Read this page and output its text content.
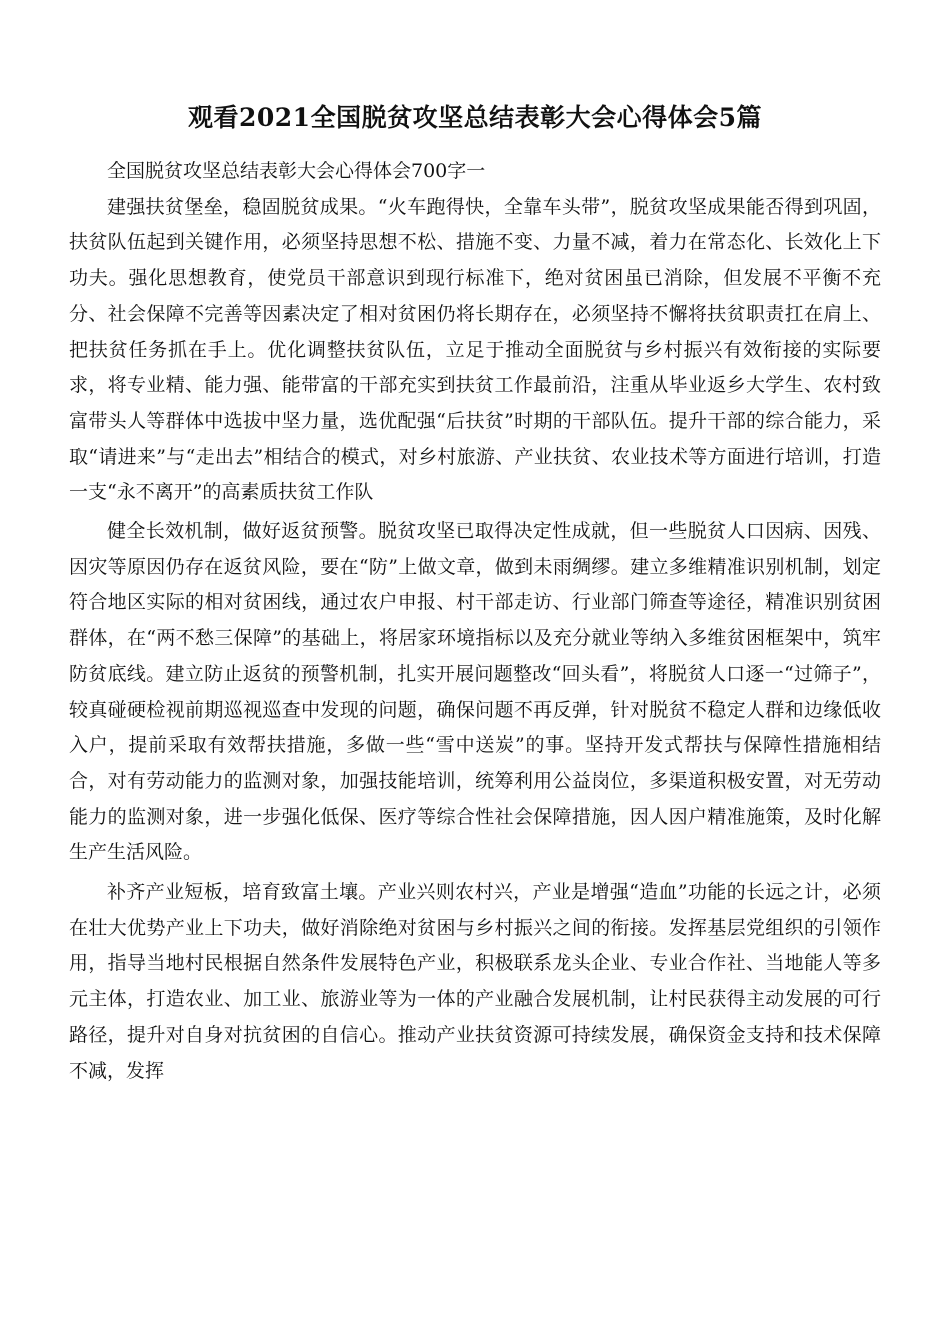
观看2021全国脱贫攻坚总结表彰大会心得体会5篇

全国脱贫攻坚总结表彰大会心得体会700字一

建强扶贫堡垒，稳固脱贫成果。“火车跑得快，全靠车头带”，脱贫攻坚成果能否得到巩固，扶贫队伍起到关键作用，必须坚持思想不松、措施不变、力量不减，着力在常态化、长效化上下功夫。强化思想教育，使党员干部意识到现行标准下，绝对贫困虽已消除，但发展不平衡不充分、社会保障不完善等因素决定了相对贫困仍将长期存在，必须坚持不懈将扶贫职责扛在肩上、把扶贫任务抓在手上。优化调整扶贫队伍，立足于推动全面脱贫与乡村振兴有效衔接的实际要求，将专业精、能力强、能带富的干部充实到扶贫工作最前沿，注重从毕业返乡大学生、农村致富带头人等群体中选拔中坚力量，选优配强“后扶贫”时期的干部队伍。提升干部的综合能力，采取“请进来”与“走出去”相结合的模式，对乡村旅游、产业扶贫、农业技术等方面进行培训，打造一支“永不离开”的高素质扶贫工作队

健全长效机制，做好返贫预警。脱贫攻坚已取得决定性成就，但一些脱贫人口因病、因残、因灾等原因仍存在返贫风险，要在“防”上做文章，做到未雨绸缪。建立多维精准识别机制，划定符合地区实际的相对贫困线，通过农户申报、村干部走访、行业部门筛查等途径，精准识别贫困群体，在“两不愁三保障”的基础上，将居家环境指标以及充分就业等纳入多维贫困框架中，筑牢防贫底线。建立防止返贫的预警机制，扎实开展问题整改“回头看”，将脱贫人口逐一“过筛子”，较真碰硬检视前期巡视巡查中发现的问题，确保问题不再反弹，针对脱贫不稳定人群和边缘低收入户，提前采取有效帮扶措施，多做一些“雪中送炭”的事。坚持开发式帮扶与保障性措施相结合，对有劳动能力的监测对象，加强技能培训，统筹利用公益岗位，多渠道积极安置，对无劳动能力的监测对象，进一步强化低保、医疗等综合性社会保障措施，因人因户精准施策，及时化解生产生活风险。

补齐产业短板，培育致富土壤。产业兴则农村兴，产业是增强“造血”功能的长远之计，必须在壮大优势产业上下功夫，做好消除绝对贫困与乡村振兴之间的衔接。发挥基层党组织的引领作用，指导当地村民根据自然条件发展特色产业，积极联系龙头企业、专业合作社、当地能人等多元主体，打造农业、加工业、旅游业等为一体的产业融合发展机制，让村民获得主动发展的可行路径，提升对自身对抗贫困的自信心。推动产业扶贫资源可持续发展，确保资金支持和技术保障不减，发挥
